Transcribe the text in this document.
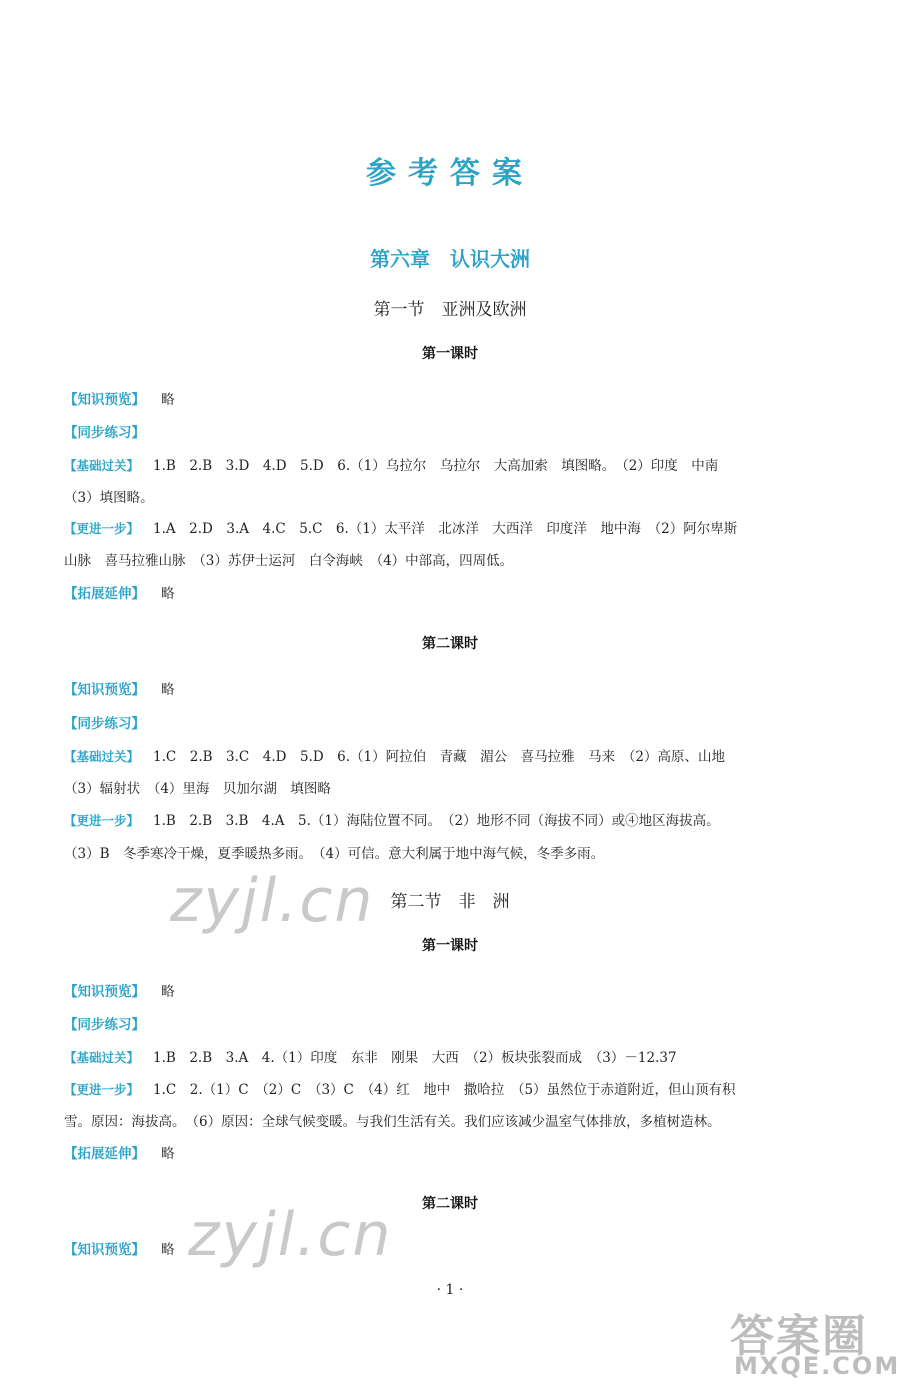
参考答案
第六章　认识大洲
第一节　亚洲及欧洲
第一课时
【知识预览】 略
【同步练习】
【基础过关】 1.B　2.B　3.D　4.D　5.D　6.（1）乌拉尔　乌拉尔　大高加索　填图略。　（2）印度　中南
（3）填图略。
【更进一步】 1.A　2.D　3.A　4.C　5.C　6.（1）太平洋　北冰洋　大西洋　印度洋　地中海　（2）阿尔卑斯
山脉　喜马拉雅山脉　（3）苏伊士运河　白令海峡　（4）中部高，四周低。
【拓展延伸】 略
第二课时
【知识预览】 略
【同步练习】
【基础过关】 1.C　2.B　3.C　4.D　5.D　6.（1）阿拉伯　青藏　湄公　喜马拉雅　马来　（2）高原、山地
（3）辐射状　（4）里海　贝加尔湖　填图略
【更进一步】 1.B　2.B　3.B　4.A　5.（1）海陆位置不同。　（2）地形不同（海拔不同）或④地区海拔高。
（3）B　冬季寒冷干燥，夏季暖热多雨。　（4）可信。意大利属于地中海气候，冬季多雨。
第二节　非　洲
第一课时
【知识预览】 略
【同步练习】
【基础过关】 1.B　2.B　3.A　4.（1）印度　东非　刚果　大西　（2）板块张裂而成　（3）－12.37
【更进一步】 1.C　2.（1）C　（2）C　（3）C　（4）红　地中　撒哈拉　（5）虽然位于赤道附近，但山顶有积
雪。原因：海拔高。　（6）原因：全球气候变暖。与我们生活有关。我们应该减少温室气体排放，多植树造林。
【拓展延伸】 略
第二课时
【知识预览】 略
· 1 ·
zyjl.cn
zyjl.cn
答案圈
MXQE.COM
